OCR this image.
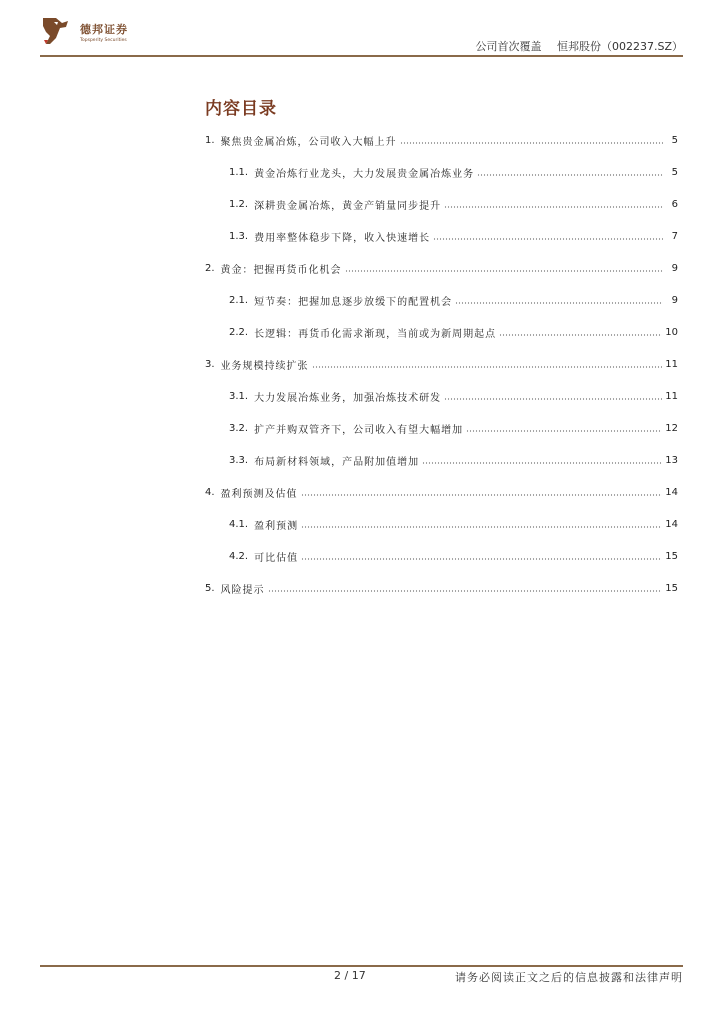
德邦证券
Topsperity Securities	公司首次覆盖 恒邦股份（002237.SZ）
内容目录
1. 聚焦贵金属冶炼，公司收入大幅上升	5
1.1. 黄金冶炼行业龙头，大力发展贵金属冶炼业务	5
1.2. 深耕贵金属冶炼，黄金产销量同步提升	6
1.3. 费用率整体稳步下降，收入快速增长	7
2. 黄金：把握再货币化机会	9
2.1. 短节奏：把握加息逐步放缓下的配置机会	9
2.2. 长逻辑：再货币化需求渐现，当前或为新周期起点	10
3. 业务规模持续扩张	11
3.1. 大力发展冶炼业务，加强冶炼技术研发	11
3.2. 扩产并购双管齐下，公司收入有望大幅增加	12
3.3. 布局新材料领域，产品附加值增加	13
4. 盈利预测及估值	14
4.1. 盈利预测	14
4.2. 可比估值	15
5. 风险提示	15
2 / 17	请务必阅读正文之后的信息披露和法律声明
